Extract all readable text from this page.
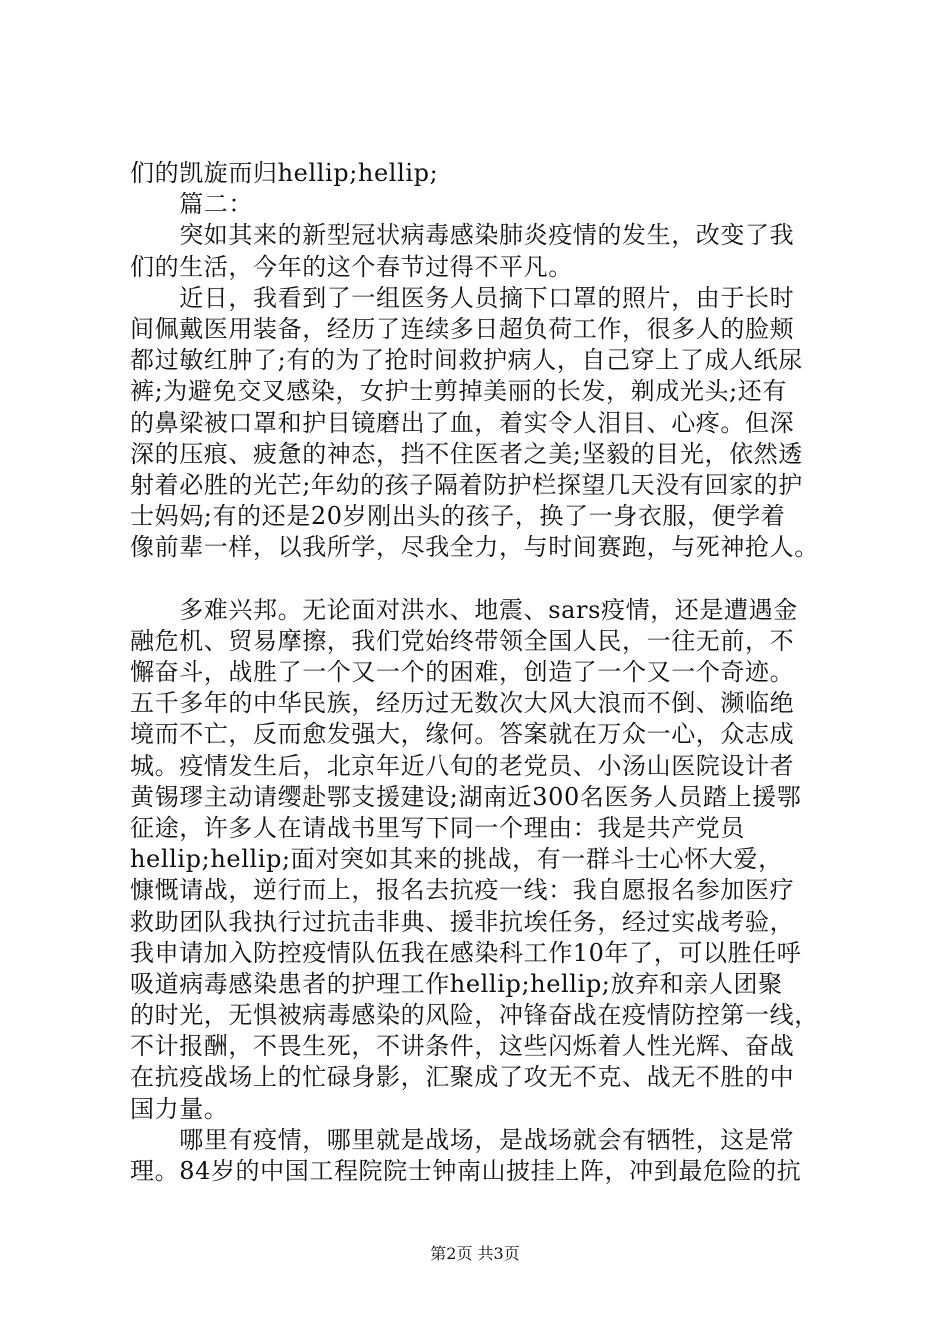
们的凯旋而归hellip;hellip;
　　篇二：
　　突如其来的新型冠状病毒感染肺炎疫情的发生，改变了我
们的生活，今年的这个春节过得不平凡。
　　近日，我看到了一组医务人员摘下口罩的照片，由于长时
间佩戴医用装备，经历了连续多日超负荷工作，很多人的脸颊
都过敏红肿了;有的为了抢时间救护病人，自己穿上了成人纸尿
裤;为避免交叉感染，女护士剪掉美丽的长发，剃成光头;还有
的鼻梁被口罩和护目镜磨出了血，着实令人泪目、心疼。但深
深的压痕、疲惫的神态，挡不住医者之美;坚毅的目光，依然透
射着必胜的光芒;年幼的孩子隔着防护栏探望几天没有回家的护
士妈妈;有的还是20岁刚出头的孩子，换了一身衣服，便学着
像前辈一样，以我所学，尽我全力，与时间赛跑，与死神抢人。
　　多难兴邦。无论面对洪水、地震、sars疫情，还是遭遇金
融危机、贸易摩擦，我们党始终带领全国人民，一往无前，不
懈奋斗，战胜了一个又一个的困难，创造了一个又一个奇迹。
五千多年的中华民族，经历过无数次大风大浪而不倒、濒临绝
境而不亡，反而愈发强大，缘何。答案就在万众一心，众志成
城。疫情发生后，北京年近八旬的老党员、小汤山医院设计者
黄锡璆主动请缨赴鄂支援建设;湖南近300名医务人员踏上援鄂
征途，许多人在请战书里写下同一个理由：我是共产党员
hellip;hellip;面对突如其来的挑战，有一群斗士心怀大爱，
慷慨请战，逆行而上，报名去抗疫一线：我自愿报名参加医疗
救助团队我执行过抗击非典、援非抗埃任务，经过实战考验，
我申请加入防控疫情队伍我在感染科工作10年了，可以胜任呼
吸道病毒感染患者的护理工作hellip;hellip;放弃和亲人团聚
的时光，无惧被病毒感染的风险，冲锋奋战在疫情防控第一线，
不计报酬，不畏生死，不讲条件，这些闪烁着人性光辉、奋战
在抗疫战场上的忙碌身影，汇聚成了攻无不克、战无不胜的中
国力量。
　　哪里有疫情，哪里就是战场，是战场就会有牺牲，这是常
理。84岁的中国工程院院士钟南山披挂上阵，冲到最危险的抗
第2页 共3页
